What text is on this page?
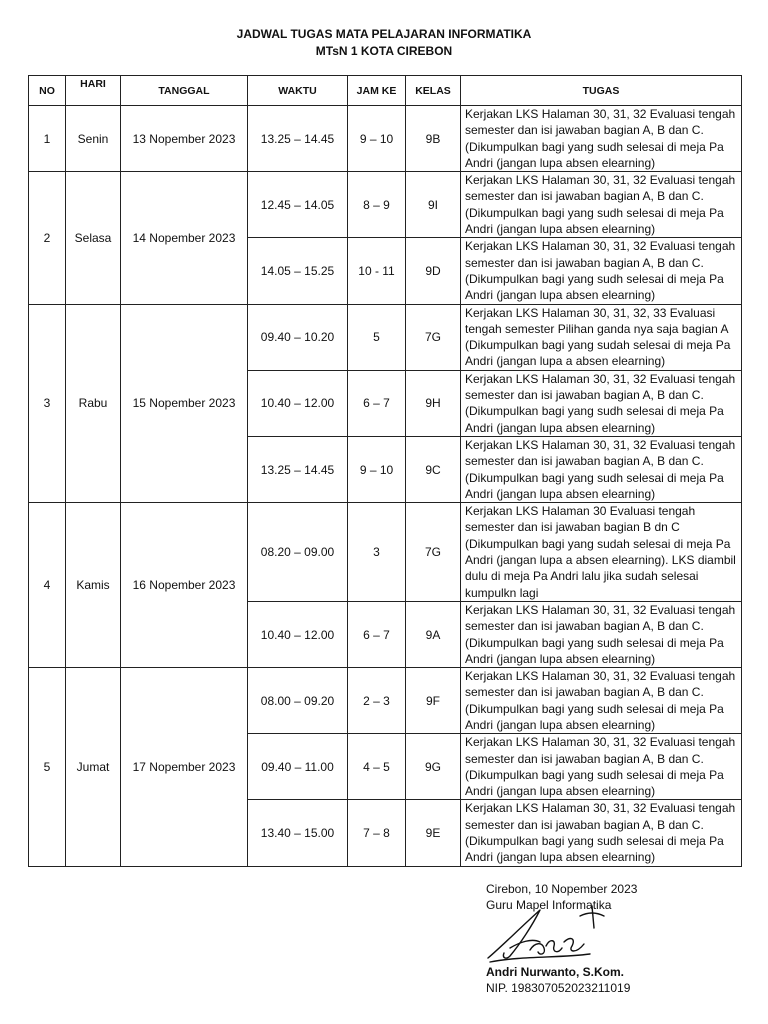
JADWAL TUGAS MATA PELAJARAN INFORMATIKA
MTsN 1 KOTA CIREBON
NO	HARI	TANGGAL	WAKTU	JAM KE	KELAS	TUGAS
1	Senin	13 Nopember 2023	13.25 – 14.45	9 – 10	9B	Kerjakan LKS Halaman 30, 31, 32 Evaluasi tengah semester dan isi jawaban bagian A, B dan C. (Dikumpulkan bagi yang sudh selesai di meja Pa Andri (jangan lupa absen elearning)
2	Selasa	14 Nopember 2023	12.45 – 14.05	8 – 9	9I	Kerjakan LKS Halaman 30, 31, 32 Evaluasi tengah semester dan isi jawaban bagian A, B dan C. (Dikumpulkan bagi yang sudh selesai di meja Pa Andri (jangan lupa absen elearning)
			14.05 – 15.25	10 - 11	9D	Kerjakan LKS Halaman 30, 31, 32 Evaluasi tengah semester dan isi jawaban bagian A, B dan C. (Dikumpulkan bagi yang sudh selesai di meja Pa Andri (jangan lupa absen elearning)
3	Rabu	15 Nopember 2023	09.40 – 10.20	5	7G	Kerjakan LKS Halaman 30, 31, 32, 33 Evaluasi tengah semester Pilihan ganda nya saja bagian A (Dikumpulkan bagi yang sudah selesai di meja Pa Andri (jangan lupa a absen elearning)
			10.40 – 12.00	6 – 7	9H	Kerjakan LKS Halaman 30, 31, 32 Evaluasi tengah semester dan isi jawaban bagian A, B dan C. (Dikumpulkan bagi yang sudh selesai di meja Pa Andri (jangan lupa absen elearning)
			13.25 – 14.45	9 – 10	9C	Kerjakan LKS Halaman 30, 31, 32 Evaluasi tengah semester dan isi jawaban bagian A, B dan C. (Dikumpulkan bagi yang sudh selesai di meja Pa Andri (jangan lupa absen elearning)
4	Kamis	16 Nopember 2023	08.20 – 09.00	3	7G	Kerjakan LKS Halaman 30 Evaluasi tengah semester dan isi jawaban bagian B dn C (Dikumpulkan bagi yang sudah selesai di meja Pa Andri (jangan lupa a absen elearning). LKS diambil dulu di meja Pa Andri lalu jika sudah selesai kumpulkn lagi
			10.40 – 12.00	6 – 7	9A	Kerjakan LKS Halaman 30, 31, 32 Evaluasi tengah semester dan isi jawaban bagian A, B dan C. (Dikumpulkan bagi yang sudh selesai di meja Pa Andri (jangan lupa absen elearning)
5	Jumat	17 Nopember 2023	08.00 – 09.20	2 – 3	9F	Kerjakan LKS Halaman 30, 31, 32 Evaluasi tengah semester dan isi jawaban bagian A, B dan C. (Dikumpulkan bagi yang sudh selesai di meja Pa Andri (jangan lupa absen elearning)
			09.40 – 11.00	4 – 5	9G	Kerjakan LKS Halaman 30, 31, 32 Evaluasi tengah semester dan isi jawaban bagian A, B dan C. (Dikumpulkan bagi yang sudh selesai di meja Pa Andri (jangan lupa absen elearning)
			13.40 – 15.00	7 – 8	9E	Kerjakan LKS Halaman 30, 31, 32 Evaluasi tengah semester dan isi jawaban bagian A, B dan C. (Dikumpulkan bagi yang sudh selesai di meja Pa Andri (jangan lupa absen elearning)
Cirebon, 10 Nopember 2023
Guru Mapel Informatika
Andri Nurwanto, S.Kom.
NIP. 198307052023211019
